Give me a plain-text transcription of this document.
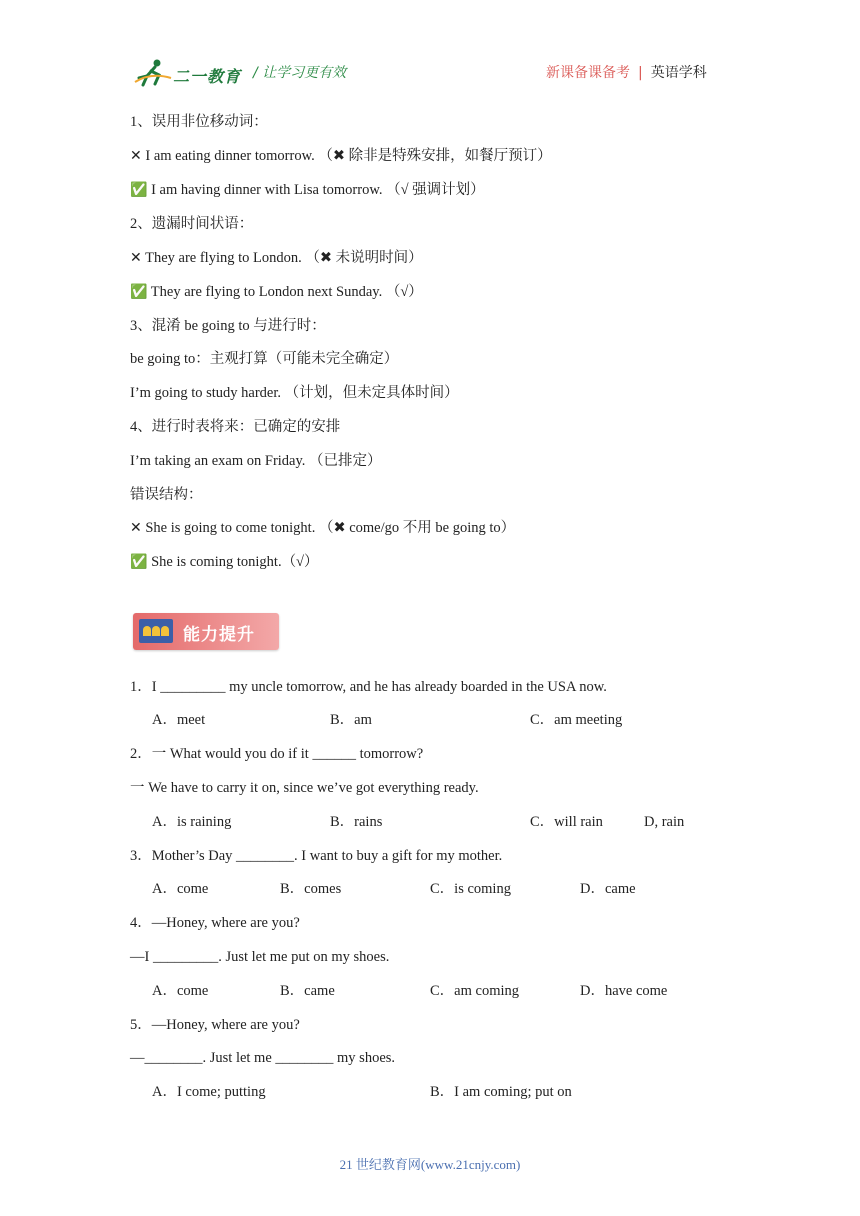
二一教育 / 让学习更有效	新课备课备考 | 英语学科
1、误用非位移动词：
✕ I am eating dinner tomorrow. （✖ 除非是特殊安排，如餐厅预订）
✅ I am having dinner with Lisa tomorrow. （√ 强调计划）
2、遗漏时间状语：
✕ They are flying to London. （✖ 未说明时间）
✅ They are flying to London next Sunday. （√）
3、混淆 be going to 与进行时：
be going to：主观打算（可能未完全确定）
I’m going to study harder. （计划，但未定具体时间）
4、进行时表将来：已确定的安排
I’m taking an exam on Friday. （已排定）
错误结构：
✕ She is going to come tonight. （✖ come/go 不用 be going to）
✅ She is coming tonight.（√）
能力提升
1．I _________ my uncle tomorrow, and he has already boarded in the USA now.
A．meet	B．am	C．am meeting
2．一 What would you do if it ______ tomorrow?
一 We have to carry it on, since we’ve got everything ready.
A．is raining	B．rains	C．will rain	D, rain
3．Mother’s Day ________. I want to buy a gift for my mother.
A．come	B．comes	C．is coming	D．came
4．—Honey, where are you?
—I _________. Just let me put on my shoes.
A．come	B．came	C．am coming	D．have come
5．—Honey, where are you?
—________. Just let me ________ my shoes.
A．I come; putting	B．I am coming; put on
21 世纪教育网(www.21cnjy.com)
